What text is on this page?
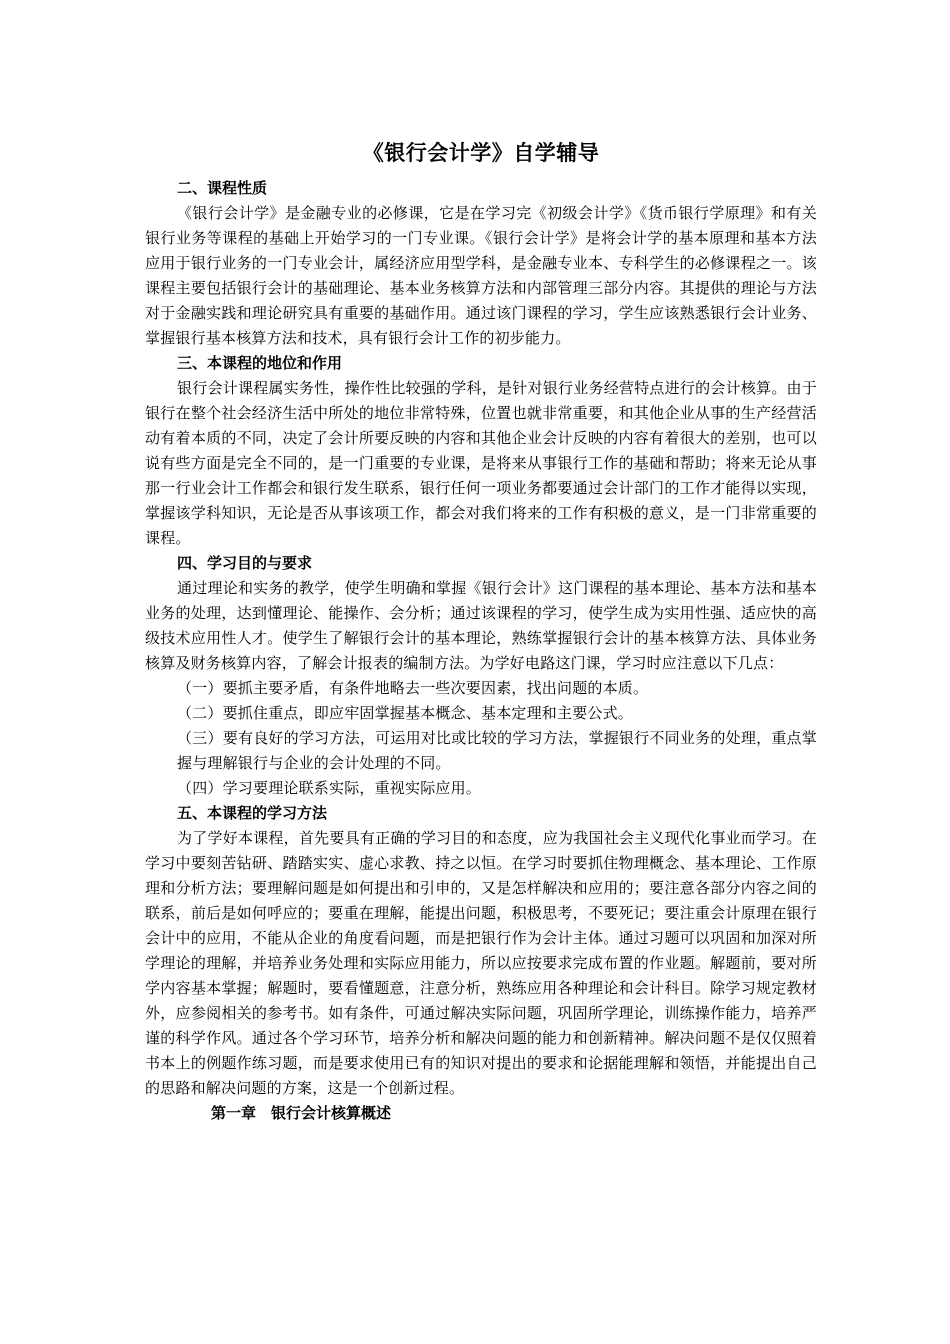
《银行会计学》自学辅导
二、课程性质

《银行会计学》是金融专业的必修课，它是在学习完《初级会计学》《货币银行学原理》和有关银行业务等课程的基础上开始学习的一门专业课。《银行会计学》是将会计学的基本原理和基本方法应用于银行业务的一门专业会计，属经济应用型学科，是金融专业本、专科学生的必修课程之一。该课程主要包括银行会计的基础理论、基本业务核算方法和内部管理三部分内容。其提供的理论与方法对于金融实践和理论研究具有重要的基础作用。通过该门课程的学习，学生应该熟悉银行会计业务、掌握银行基本核算方法和技术，具有银行会计工作的初步能力。

三、本课程的地位和作用

银行会计课程属实务性，操作性比较强的学科，是针对银行业务经营特点进行的会计核算。由于银行在整个社会经济生活中所处的地位非常特殊，位置也就非常重要，和其他企业从事的生产经营活动有着本质的不同，决定了会计所要反映的内容和其他企业会计反映的内容有着很大的差别，也可以说有些方面是完全不同的，是一门重要的专业课，是将来从事银行工作的基础和帮助；将来无论从事那一行业会计工作都会和银行发生联系，银行任何一项业务都要通过会计部门的工作才能得以实现，掌握该学科知识，无论是否从事该项工作，都会对我们将来的工作有积极的意义，是一门非常重要的课程。

四、学习目的与要求

通过理论和实务的教学，使学生明确和掌握《银行会计》这门课程的基本理论、基本方法和基本业务的处理，达到懂理论、能操作、会分析；通过该课程的学习，使学生成为实用性强、适应快的高级技术应用性人才。使学生了解银行会计的基本理论，熟练掌握银行会计的基本核算方法、具体业务核算及财务核算内容，了解会计报表的编制方法。为学好电路这门课，学习时应注意以下几点：

（一）要抓主要矛盾，有条件地略去一些次要因素，找出问题的本质。

（二）要抓住重点，即应牢固掌握基本概念、基本定理和主要公式。

（三）要有良好的学习方法，可运用对比或比较的学习方法，掌握银行不同业务的处理，重点掌握与理解银行与企业的会计处理的不同。

（四）学习要理论联系实际，重视实际应用。

五、本课程的学习方法

为了学好本课程，首先要具有正确的学习目的和态度，应为我国社会主义现代化事业而学习。在学习中要刻苦钻研、踏踏实实、虚心求教、持之以恒。在学习时要抓住物理概念、基本理论、工作原理和分析方法；要理解问题是如何提出和引申的，又是怎样解决和应用的；要注意各部分内容之间的联系，前后是如何呼应的；要重在理解，能提出问题，积极思考，不要死记；要注重会计原理在银行会计中的应用，不能从企业的角度看问题，而是把银行作为会计主体。通过习题可以巩固和加深对所学理论的理解，并培养业务处理和实际应用能力，所以应按要求完成布置的作业题。解题前，要对所学内容基本掌握；解题时，要看懂题意，注意分析，熟练应用各种理论和会计科目。除学习规定教材外，应参阅相关的参考书。如有条件，可通过解决实际问题，巩固所学理论，训练操作能力，培养严谨的科学作风。通过各个学习环节，培养分析和解决问题的能力和创新精神。解决问题不是仅仅照着书本上的例题作练习题，而是要求使用已有的知识对提出的要求和论据能理解和领悟，并能提出自己的思路和解决问题的方案，这是一个创新过程。

第一章　银行会计核算概述
